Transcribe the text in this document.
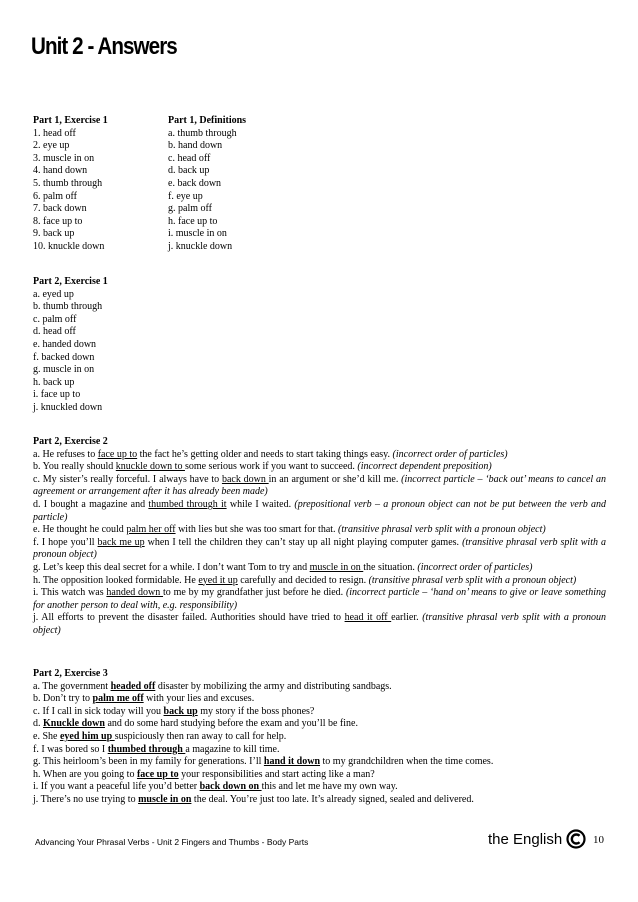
Unit 2 - Answers
Part 1, Exercise 1
1. head off
2. eye up
3. muscle in on
4. hand down
5. thumb through
6. palm off
7. back down
8. face up to
9. back up
10. knuckle down
Part 1, Definitions
a. thumb through
b. hand down
c. head off
d. back up
e. back down
f. eye up
g. palm off
h. face up to
i. muscle in on
j. knuckle down
Part 2, Exercise 1
a. eyed up
b. thumb through
c. palm off
d. head off
e. handed down
f. backed down
g. muscle in on
h. back up
i. face up to
j. knuckled down
Part 2, Exercise 2
a. He refuses to face up to the fact he’s getting older and needs to start taking things easy. (incorrect order of particles)
b. You really should knuckle down to some serious work if you want to succeed. (incorrect dependent preposition)
c. My sister’s really forceful. I always have to back down in an argument or she’d kill me. (incorrect particle – ‘back out’ means to cancel an agreement or arrangement after it has already been made)
d. I bought a magazine and thumbed through it while I waited. (prepositional verb – a pronoun object can not be put between the verb and particle)
e. He thought he could palm her off with lies but she was too smart for that. (transitive phrasal verb split with a pronoun object)
f. I hope you’ll back me up when I tell the children they can’t stay up all night playing computer games. (transitive phrasal verb split with a pronoun object)
g. Let’s keep this deal secret for a while. I don’t want Tom to try and muscle in on the situation. (incorrect order of particles)
h. The opposition looked formidable. He eyed it up carefully and decided to resign. (transitive phrasal verb split with a pronoun object)
i. This watch was handed down to me by my grandfather just before he died. (incorrect particle – ‘hand on’ means to give or leave something for another person to deal with, e.g. responsibility)
j. All efforts to prevent the disaster failed. Authorities should have tried to head it off earlier. (transitive phrasal verb split with a pronoun object)
Part 2, Exercise 3
a. The government headed off disaster by mobilizing the army and distributing sandbags.
b. Don’t try to palm me off with your lies and excuses.
c. If I call in sick today will you back up my story if the boss phones?
d. Knuckle down and do some hard studying before the exam and you’ll be fine.
e. She eyed him up suspiciously then ran away to call for help.
f. I was bored so I thumbed through a magazine to kill time.
g. This heirloom’s been in my family for generations. I’ll hand it down to my grandchildren when the time comes.
h. When are you going to face up to your responsibilities and start acting like a man?
i. If you want a peaceful life you’d better back down on this and let me have my own way.
j. There’s no use trying to muscle in on the deal. You’re just too late. It’s already signed, sealed and delivered.
Advancing Your Phrasal Verbs - Unit 2 Fingers and Thumbs - Body Parts	the English	10
